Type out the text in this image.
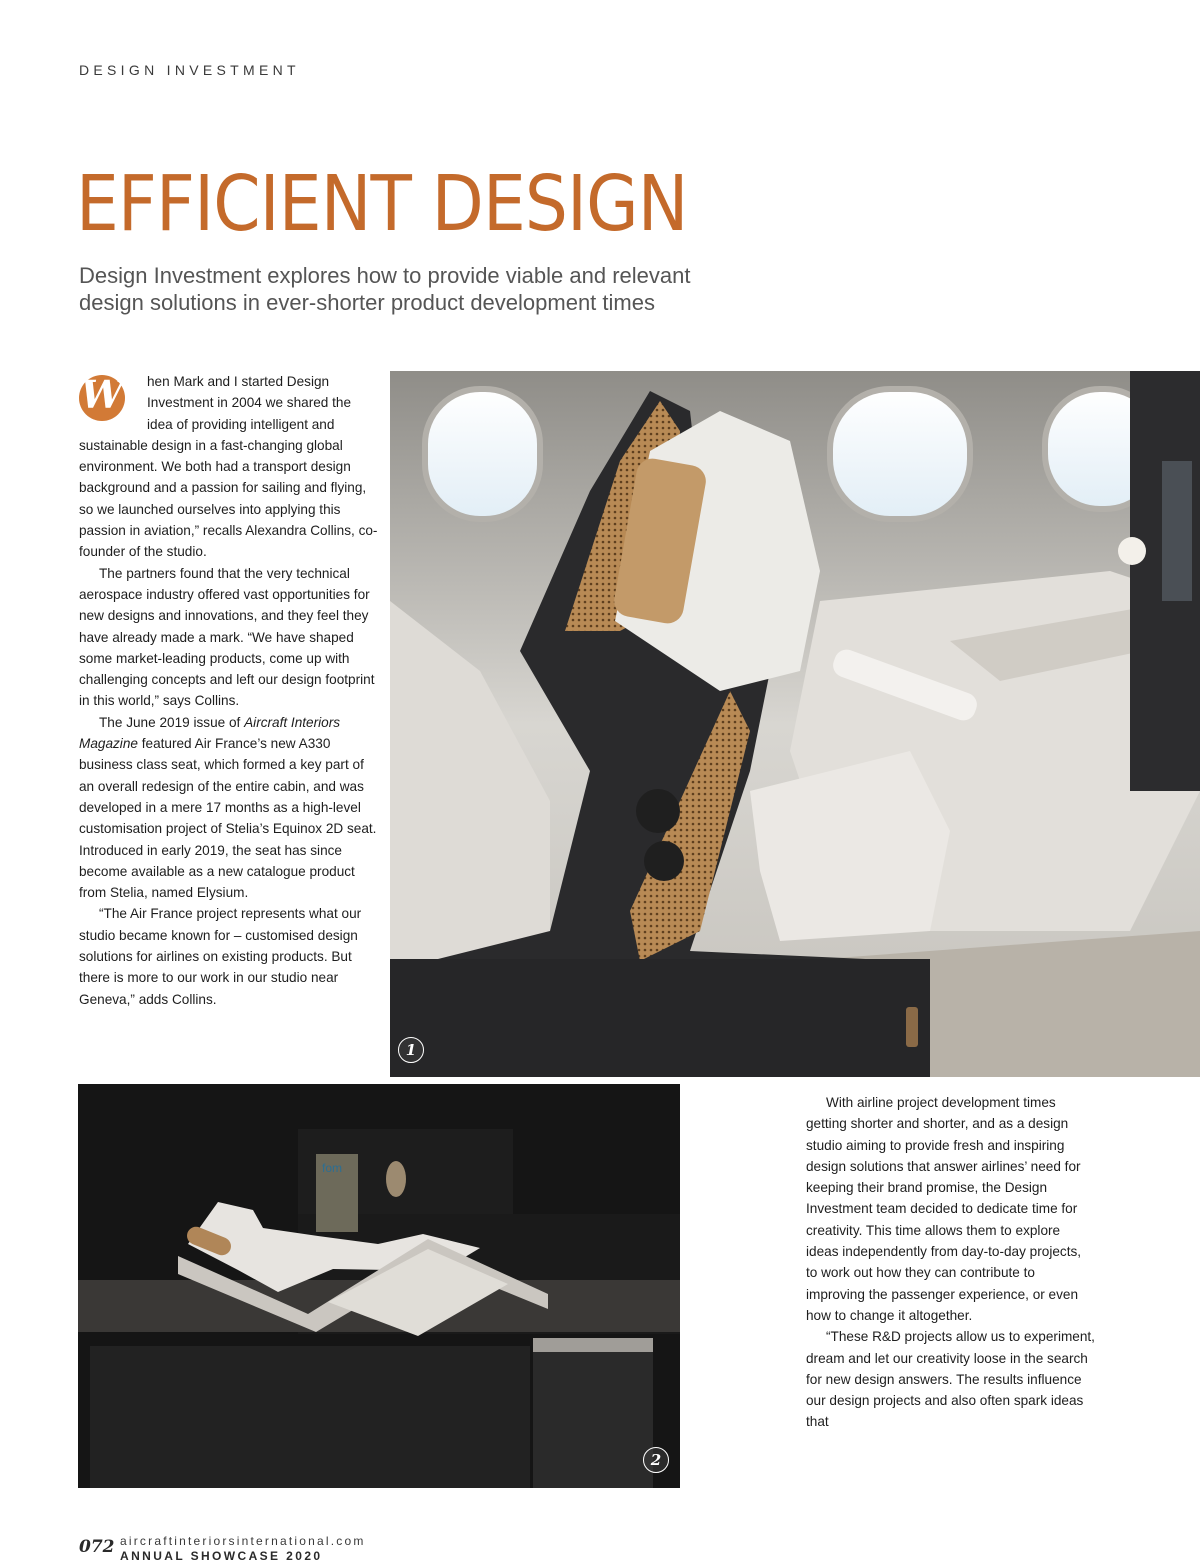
DESIGN INVESTMENT
EFFICIENT DESIGN

Design Investment explores how to provide viable and relevant
design solutions in ever-shorter product development times

W	hen Mark and I started Design Investment in 2004 we shared the idea of providing intelligent and sustainable design in a fast-changing global environment. We both had a transport design background and a passion for sailing and flying, so we launched ourselves into applying this passion in aviation,” recalls Alexandra Collins, co-founder of the studio.

The partners found that the very technical aerospace industry offered vast opportunities for new designs and innovations, and they feel they have already made a mark. “We have shaped some market-leading products, come up with challenging concepts and left our design footprint in this world,” says Collins.

The June 2019 issue of Aircraft Interiors Magazine featured Air France’s new A330 business class seat, which formed a key part of an overall redesign of the entire cabin, and was developed in a mere 17 months as a high-level customisation project of Stelia’s Equinox 2D seat. Introduced in early 2019, the seat has since become available as a new catalogue product from Stelia, named Elysium.

“The Air France project represents what our studio became known for – customised design solutions for airlines on existing products. But there is more to our work in our studio near Geneva,” adds Collins.

1
fom
2

With airline project development times getting shorter and shorter, and as a design studio aiming to provide fresh and inspiring design solutions that answer airlines’ need for keeping their brand promise, the Design Investment team decided to dedicate time for creativity. This time allows them to explore ideas independently from day-to-day projects, to work out how they can contribute to improving the passenger experience, or even how to change it altogether.

“These R&D projects allow us to experiment, dream and let our creativity loose in the search for new design answers. The results influence our design projects and also often spark ideas that

072 aircraftinteriorsinternational.com
ANNUAL SHOWCASE 2020
